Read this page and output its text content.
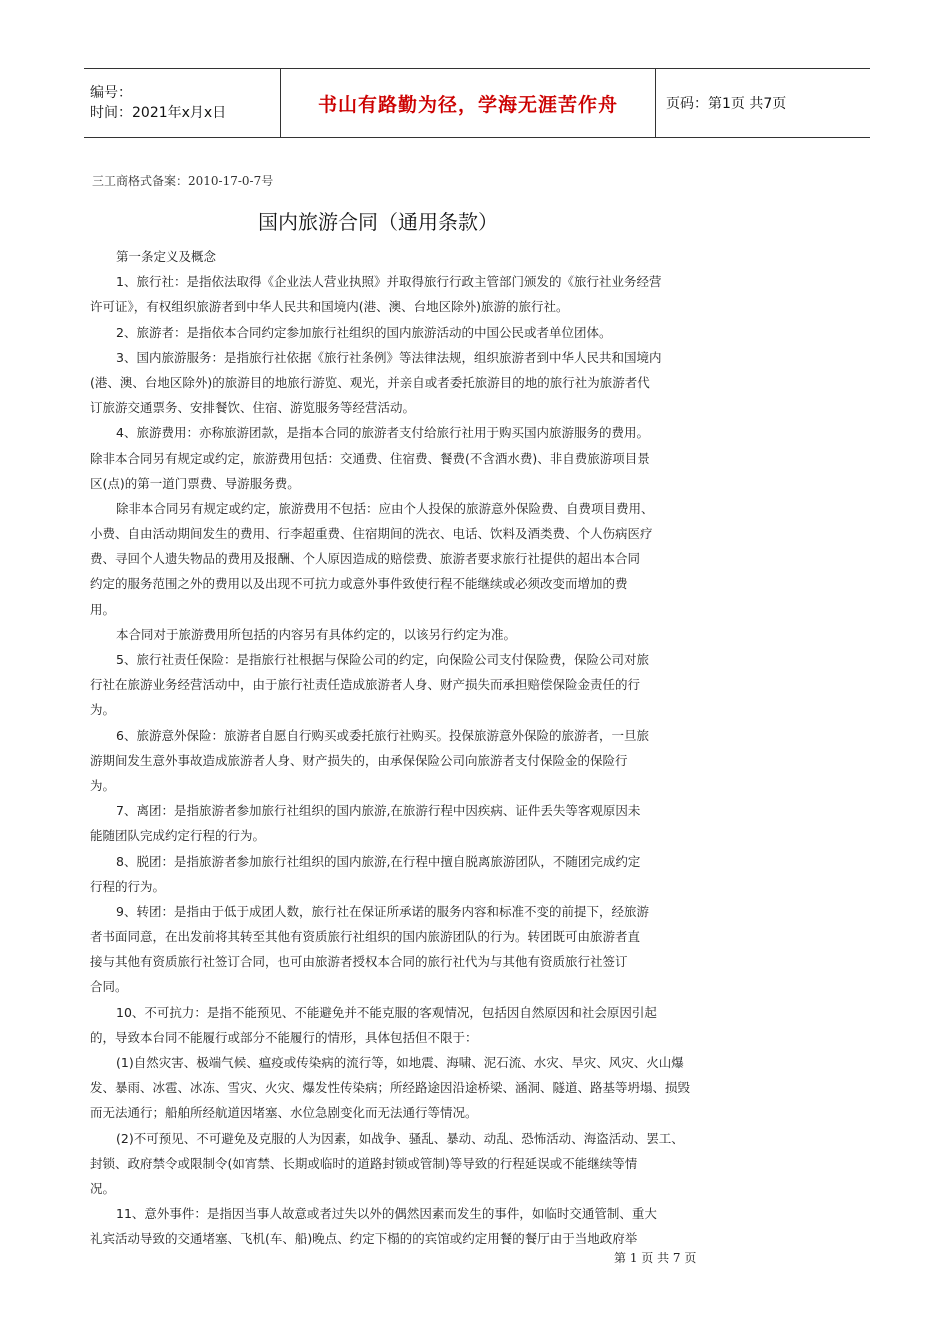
编号：
时间：2021年x月x日	书山有路勤为径，学海无涯苦作舟	页码：第1页 共7页
三工商格式备案：2010-17-0-7号
国内旅游合同（通用条款）
第一条定义及概念
1、旅行社：是指依法取得《企业法人营业执照》并取得旅行行政主管部门颁发的《旅行社业务经营
许可证》，有权组织旅游者到中华人民共和国境内(港、澳、台地区除外)旅游的旅行社。
2、旅游者：是指依本合同约定参加旅行社组织的国内旅游活动的中国公民或者单位团体。
3、国内旅游服务：是指旅行社依据《旅行社条例》等法律法规，组织旅游者到中华人民共和国境内
(港、澳、台地区除外)的旅游目的地旅行游览、观光，并亲自或者委托旅游目的地的旅行社为旅游者代
订旅游交通票务、安排餐饮、住宿、游览服务等经营活动。
4、旅游费用：亦称旅游团款，是指本合同的旅游者支付给旅行社用于购买国内旅游服务的费用。
除非本合同另有规定或约定，旅游费用包括：交通费、住宿费、餐费(不含酒水费)、非自费旅游项目景
区(点)的第一道门票费、导游服务费。
除非本合同另有规定或约定，旅游费用不包括：应由个人投保的旅游意外保险费、自费项目费用、
小费、自由活动期间发生的费用、行李超重费、住宿期间的洗衣、电话、饮料及酒类费、个人伤病医疗
费、寻回个人遗失物品的费用及报酬、个人原因造成的赔偿费、旅游者要求旅行社提供的超出本合同
约定的服务范围之外的费用以及出现不可抗力或意外事件致使行程不能继续或必须改变而增加的费
用。
本合同对于旅游费用所包括的内容另有具体约定的，以该另行约定为准。
5、旅行社责任保险：是指旅行社根据与保险公司的约定，向保险公司支付保险费，保险公司对旅
行社在旅游业务经营活动中，由于旅行社责任造成旅游者人身、财产损失而承担赔偿保险金责任的行
为。
6、旅游意外保险：旅游者自愿自行购买或委托旅行社购买。投保旅游意外保险的旅游者，一旦旅
游期间发生意外事故造成旅游者人身、财产损失的，由承保保险公司向旅游者支付保险金的保险行
为。
7、离团：是指旅游者参加旅行社组织的国内旅游,在旅游行程中因疾病、证件丢失等客观原因未
能随团队完成约定行程的行为。
8、脱团：是指旅游者参加旅行社组织的国内旅游,在行程中擅自脱离旅游团队，不随团完成约定
行程的行为。
9、转团：是指由于低于成团人数，旅行社在保证所承诺的服务内容和标准不变的前提下，经旅游
者书面同意，在出发前将其转至其他有资质旅行社组织的国内旅游团队的行为。转团既可由旅游者直
接与其他有资质旅行社签订合同，也可由旅游者授权本合同的旅行社代为与其他有资质旅行社签订
合同。
10、不可抗力：是指不能预见、不能避免并不能克服的客观情况，包括因自然原因和社会原因引起
的，导致本台同不能履行或部分不能履行的情形，具体包括但不限于：
(1)自然灾害、极端气候、瘟疫或传染病的流行等，如地震、海啸、泥石流、水灾、旱灾、风灾、火山爆
发、暴雨、冰雹、冰冻、雪灾、火灾、爆发性传染病；所经路途因沿途桥梁、涵洞、隧道、路基等坍塌、损毁
而无法通行；船舶所经航道因堵塞、水位急剧变化而无法通行等情况。
(2)不可预见、不可避免及克服的人为因素，如战争、骚乱、暴动、动乱、恐怖活动、海盗活动、罢工、
封锁、政府禁令或限制令(如宵禁、长期或临时的道路封锁或管制)等导致的行程延误或不能继续等情
况。
11、意外事件：是指因当事人故意或者过失以外的偶然因素而发生的事件，如临时交通管制、重大
礼宾活动导致的交通堵塞、飞机(车、船)晚点、约定下榻的的宾馆或约定用餐的餐厅由于当地政府举
第 1 页 共 7 页
